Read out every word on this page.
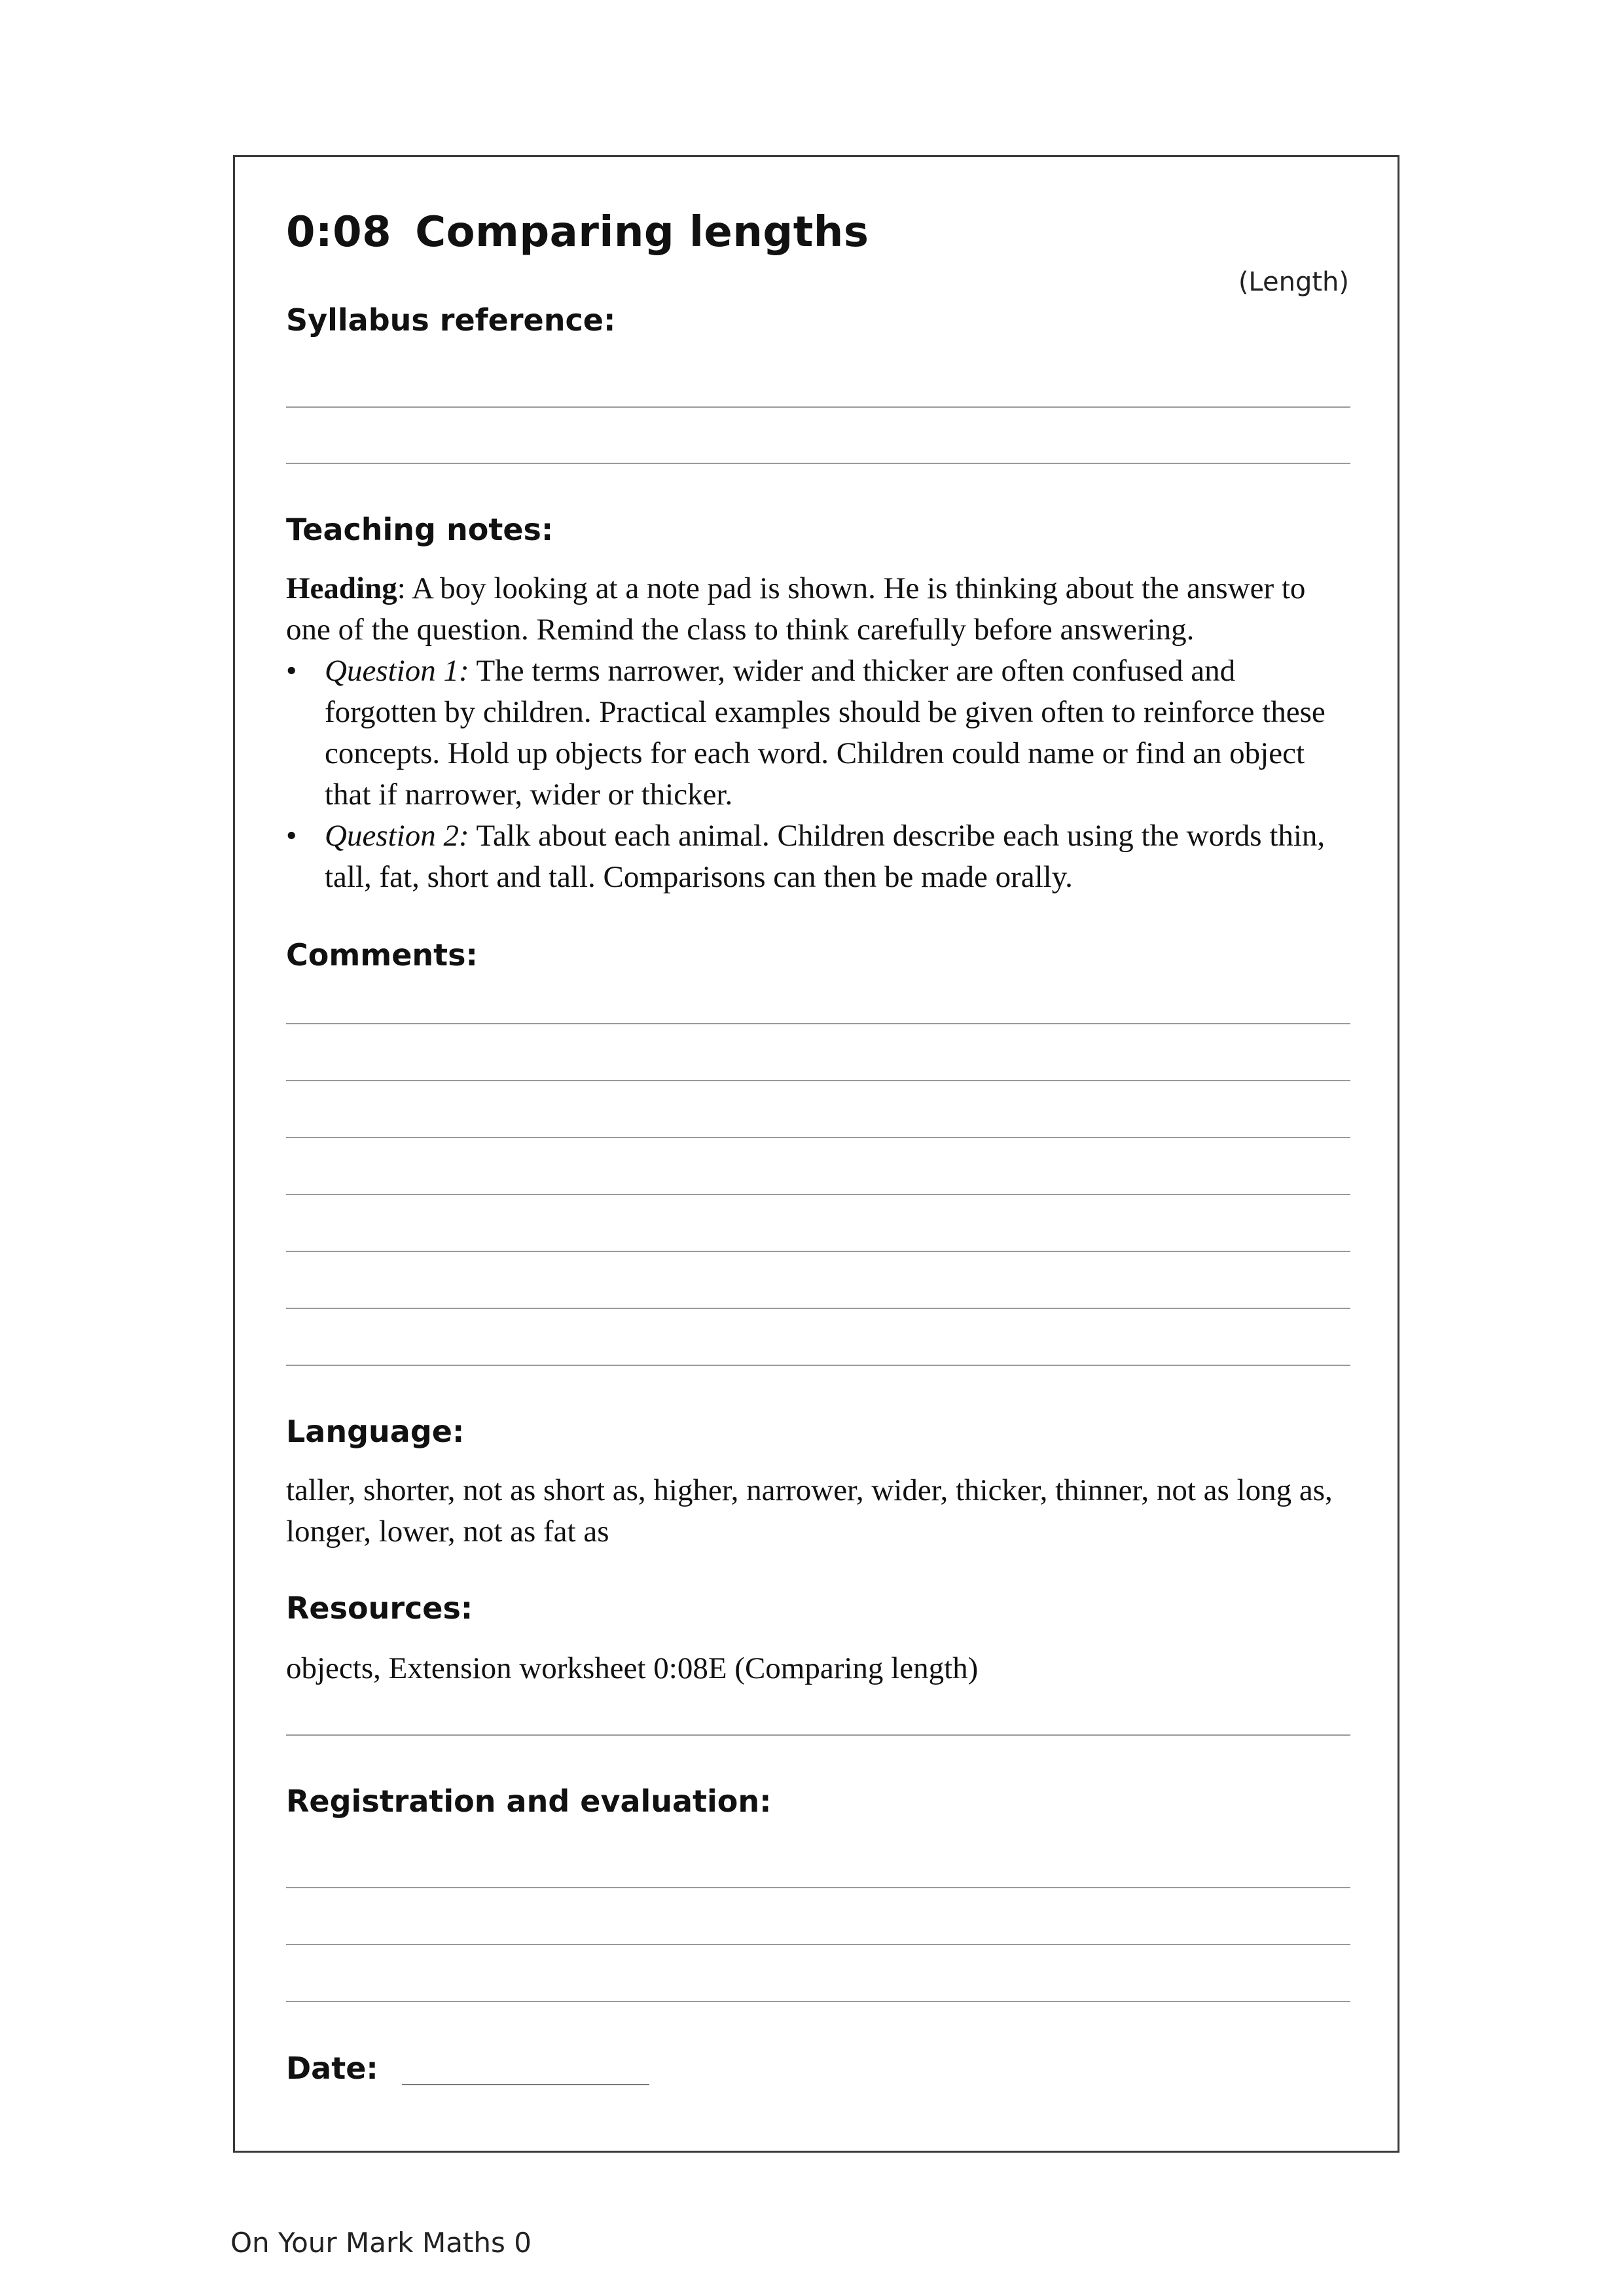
0:08 Comparing lengths
(Length)
Syllabus reference:
Teaching notes:

Heading: A boy looking at a note pad is shown. He is thinking about the answer to one of the question. Remind the class to think carefully before answering.

• Question 1: The terms narrower, wider and thicker are often confused and forgotten by children. Practical examples should be given often to reinforce these concepts. Hold up objects for each word. Children could name or find an object that if narrower, wider or thicker.
• Question 2: Talk about each animal. Children describe each using the words thin, tall, fat, short and tall. Comparisons can then be made orally.
Comments:
Language:
taller, shorter, not as short as, higher, narrower, wider, thicker, thinner, not as long as, longer, lower, not as fat as
Resources:
objects, Extension worksheet 0:08E (Comparing length)
Registration and evaluation:
Date:
On Your Mark Maths 0
